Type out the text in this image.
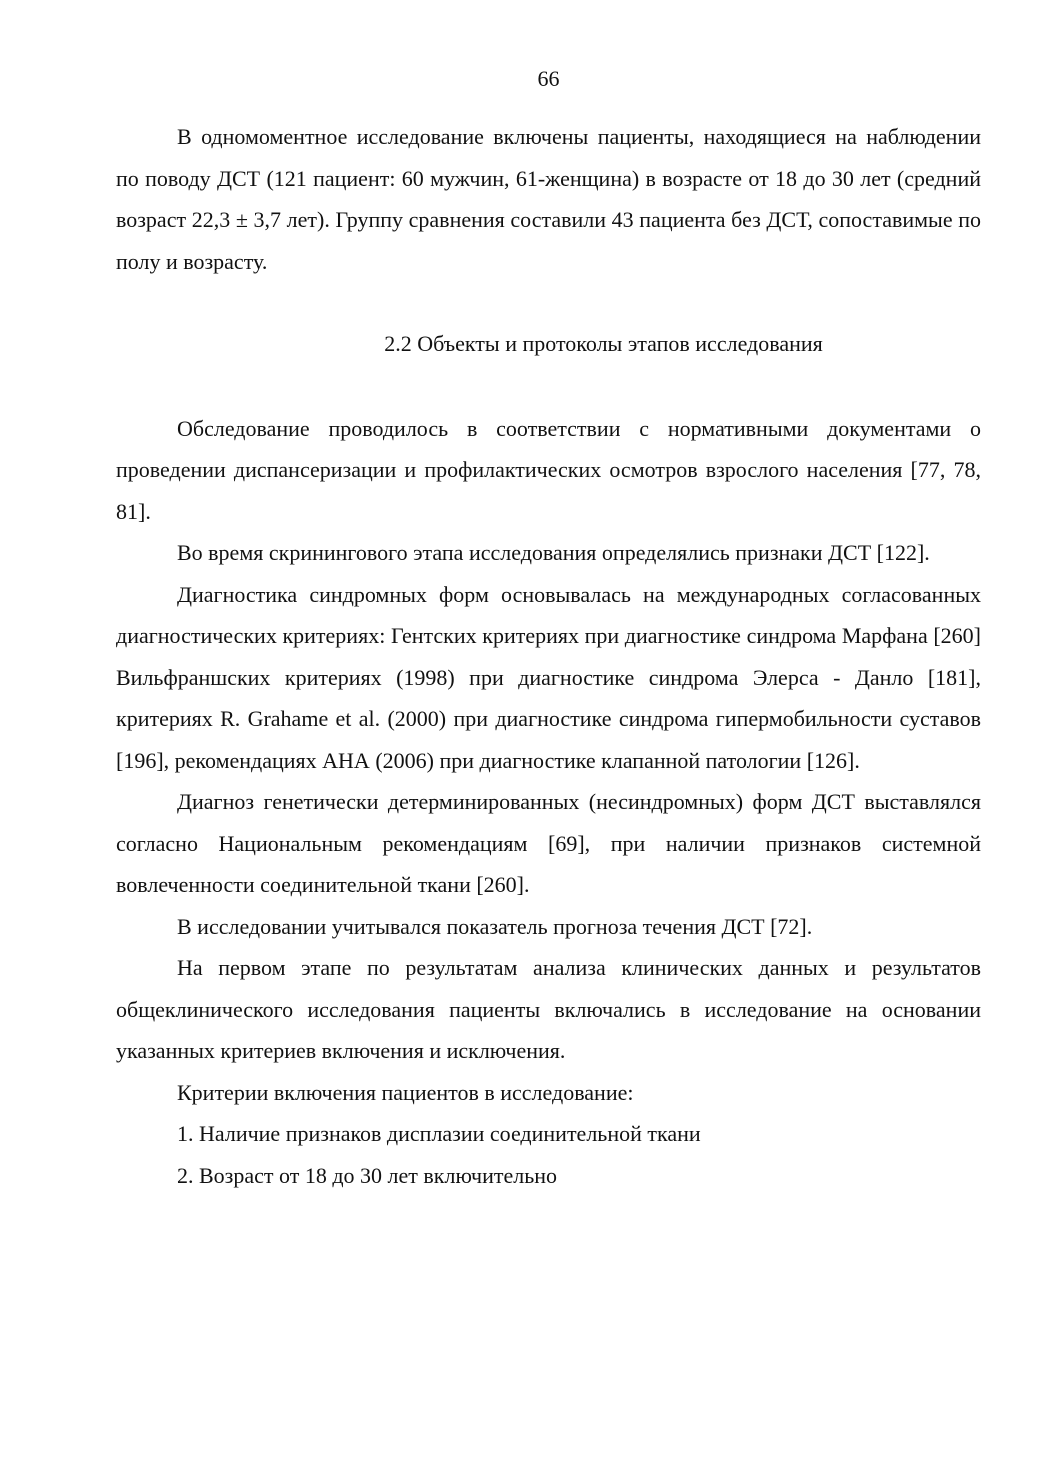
66

В одномоментное исследование включены пациенты, находящиеся на наблюдении по поводу ДСТ (121 пациент: 60 мужчин, 61-женщина) в возрасте от 18 до 30 лет (средний возраст 22,3 ± 3,7 лет). Группу сравнения составили 43 пациента без ДСТ, сопоставимые по полу и возрасту.

2.2 Объекты и протоколы этапов исследования

Обследование проводилось в соответствии с нормативными документами о проведении диспансеризации и профилактических осмотров взрослого населения [77, 78, 81].

Во время скринингового этапа исследования определялись признаки ДСТ [122].

Диагностика синдромных форм основывалась на международных согласованных диагностических критериях: Гентских критериях при диагностике синдрома Марфана [260] Вильфраншских критериях (1998) при диагностике синдрома Элерса - Данло [181], критериях R. Grahame et al. (2000) при диагностике синдрома гипермобильности суставов [196], рекомендациях АНА (2006) при диагностике клапанной патологии [126].

Диагноз генетически детерминированных (несиндромных) форм ДСТ выставлялся согласно Национальным рекомендациям [69], при наличии признаков системной вовлеченности соединительной ткани [260].

В исследовании учитывался показатель прогноза течения ДСТ [72].

На первом этапе по результатам анализа клинических данных и результатов общеклинического исследования пациенты включались в исследование на основании указанных критериев включения и исключения.

Критерии включения пациентов в исследование:

1. Наличие признаков дисплазии соединительной ткани

2. Возраст от 18 до 30 лет включительно
